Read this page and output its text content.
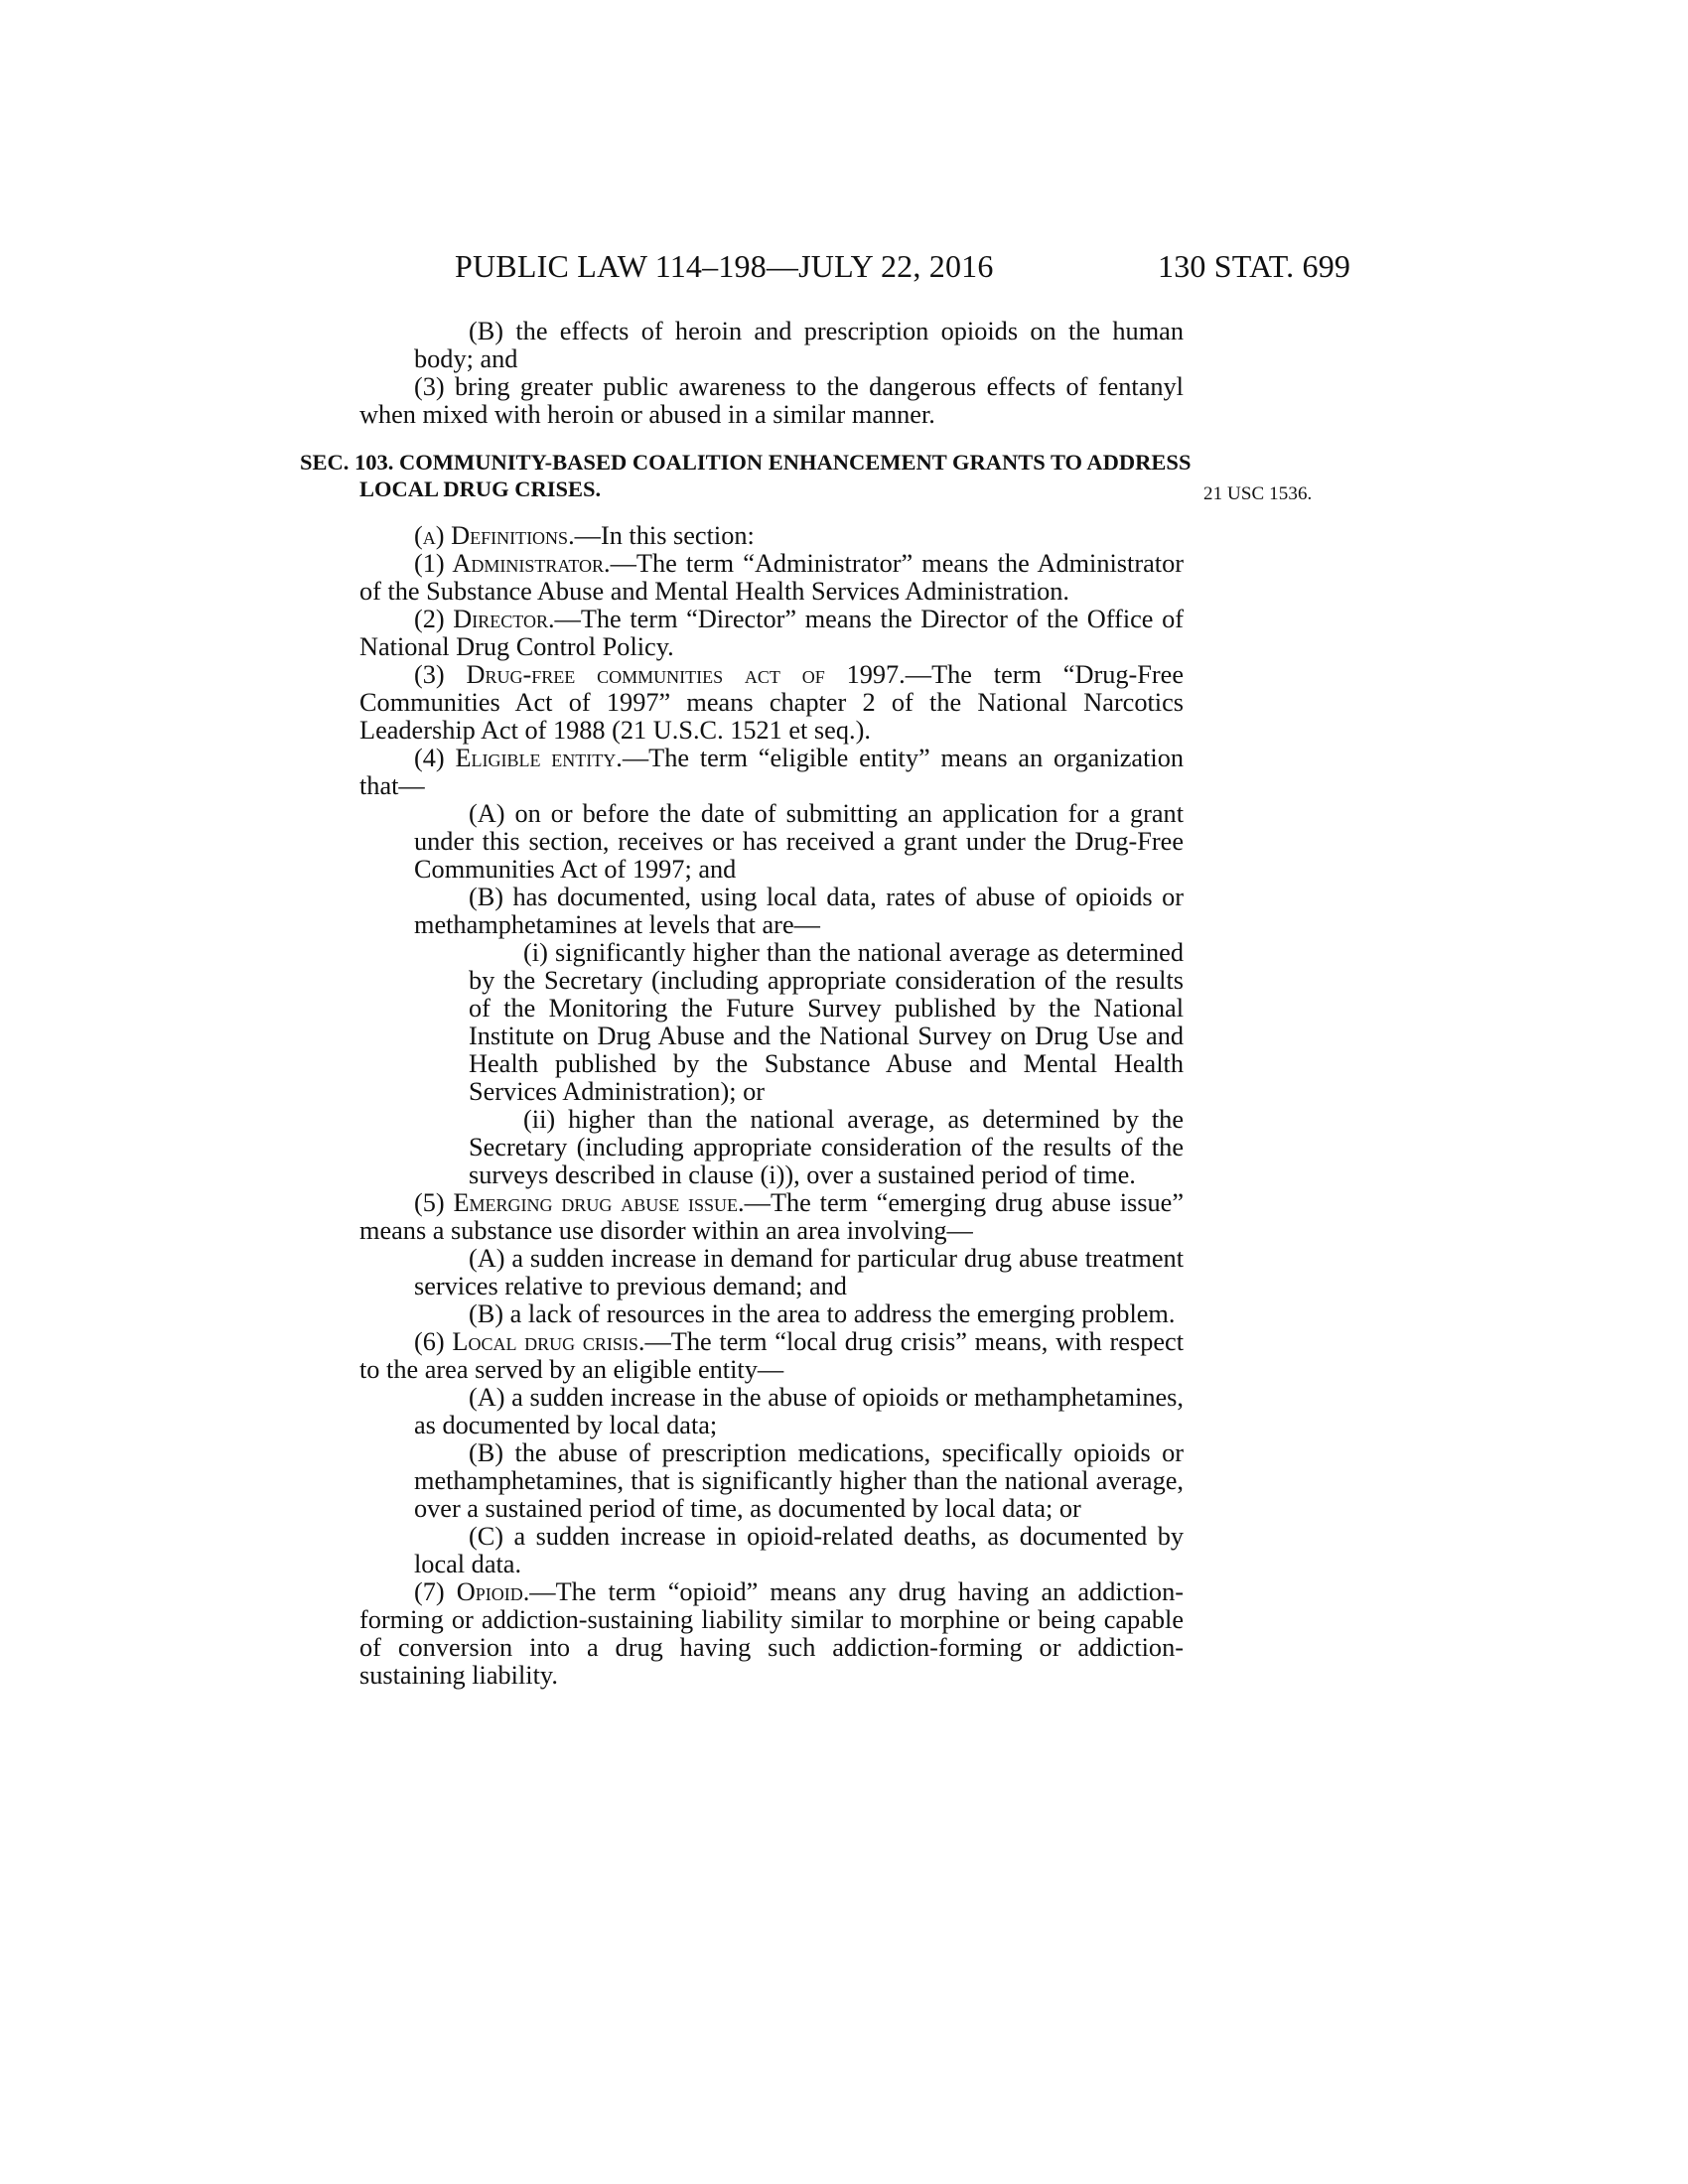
PUBLIC LAW 114–198—JULY 22, 2016	130 STAT. 699
21 USC 1536.

(B) the effects of heroin and prescription opioids on the human body; and

(3) bring greater public awareness to the dangerous effects of fentanyl when mixed with heroin or abused in a similar manner.

SEC. 103. COMMUNITY-BASED COALITION ENHANCEMENT GRANTS TO ADDRESS LOCAL DRUG CRISES.

(a) Definitions.—In this section:

(1) Administrator.—The term “Administrator” means the Administrator of the Substance Abuse and Mental Health Services Administration.

(2) Director.—The term “Director” means the Director of the Office of National Drug Control Policy.

(3) Drug-free communities act of 1997.—The term “Drug-Free Communities Act of 1997” means chapter 2 of the National Narcotics Leadership Act of 1988 (21 U.S.C. 1521 et seq.).

(4) Eligible entity.—The term “eligible entity” means an organization that—

(A) on or before the date of submitting an application for a grant under this section, receives or has received a grant under the Drug-Free Communities Act of 1997; and

(B) has documented, using local data, rates of abuse of opioids or methamphetamines at levels that are—

(i) significantly higher than the national average as determined by the Secretary (including appropriate consideration of the results of the Monitoring the Future Survey published by the National Institute on Drug Abuse and the National Survey on Drug Use and Health published by the Substance Abuse and Mental Health Services Administration); or

(ii) higher than the national average, as determined by the Secretary (including appropriate consideration of the results of the surveys described in clause (i)), over a sustained period of time.

(5) Emerging drug abuse issue.—The term “emerging drug abuse issue” means a substance use disorder within an area involving—

(A) a sudden increase in demand for particular drug abuse treatment services relative to previous demand; and

(B) a lack of resources in the area to address the emerging problem.

(6) Local drug crisis.—The term “local drug crisis” means, with respect to the area served by an eligible entity—

(A) a sudden increase in the abuse of opioids or methamphetamines, as documented by local data;

(B) the abuse of prescription medications, specifically opioids or methamphetamines, that is significantly higher than the national average, over a sustained period of time, as documented by local data; or

(C) a sudden increase in opioid-related deaths, as documented by local data.

(7) Opioid.—The term “opioid” means any drug having an addiction-forming or addiction-sustaining liability similar to morphine or being capable of conversion into a drug having such addiction-forming or addiction-sustaining liability.
